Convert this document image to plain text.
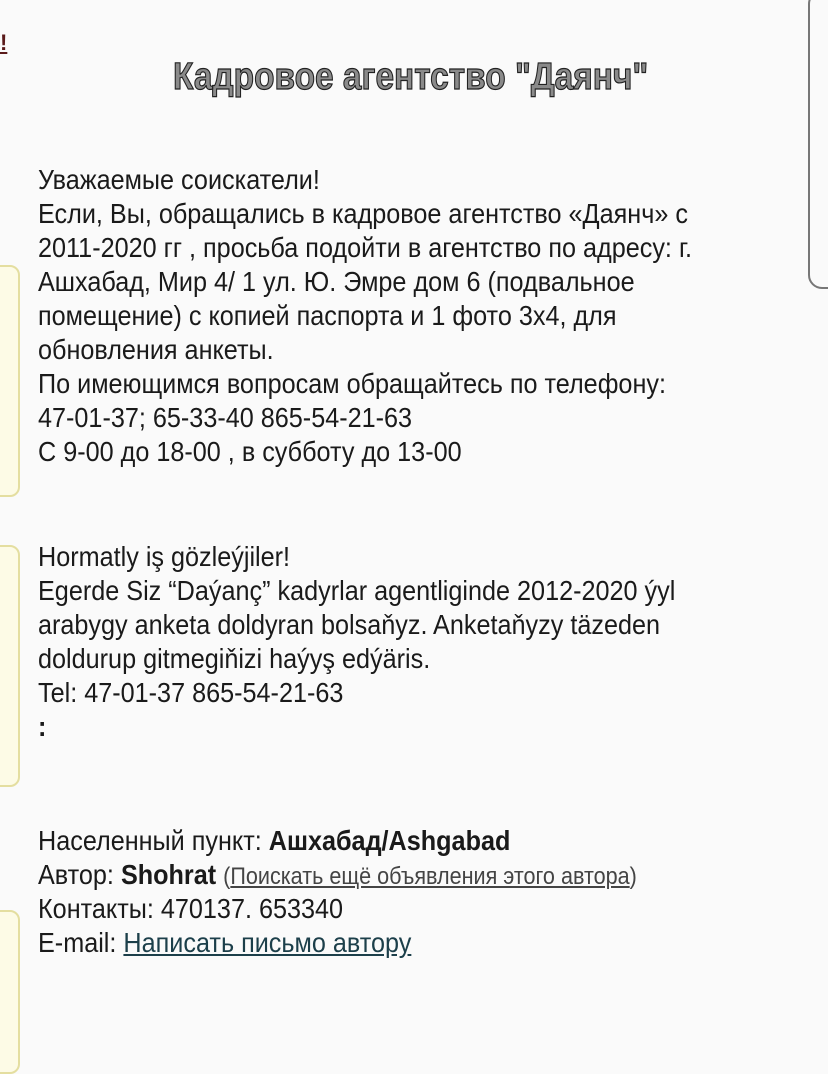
!
Кадровое агентство "Даянч"
Уважаемые соискатели!
Если, Вы, обращались в кадровое агентство «Даянч» с
2011-2020 гг , просьба подойти в агентство по адресу: г.
Ашхабад, Мир 4/ 1 ул. Ю. Эмре дом 6 (подвальное
помещение) с копией паспорта и 1 фото 3х4, для
обновления анкеты.
По имеющимся вопросам обращайтесь по телефону:
47-01-37; 65-33-40 865-54-21-63
С 9-00 до 18-00 , в субботу до 13-00
Hormatly iş gözleýjiler!
Egerde Siz “Daýanç” kadyrlar agentliginde 2012-2020 ýyl
arabygy anketa doldyran bolsaňyz. Anketaňyzy täzeden
doldurup gitmegiňizi haýyş edýäris.
Tel: 47-01-37 865-54-21-63
:
Населенный пункт: Ашхабад/Ashgabad
Автор: Shohrat (Поискать ещё объявления этого автора)
Контакты: 470137. 653340
E-mail: Написать письмо автору
